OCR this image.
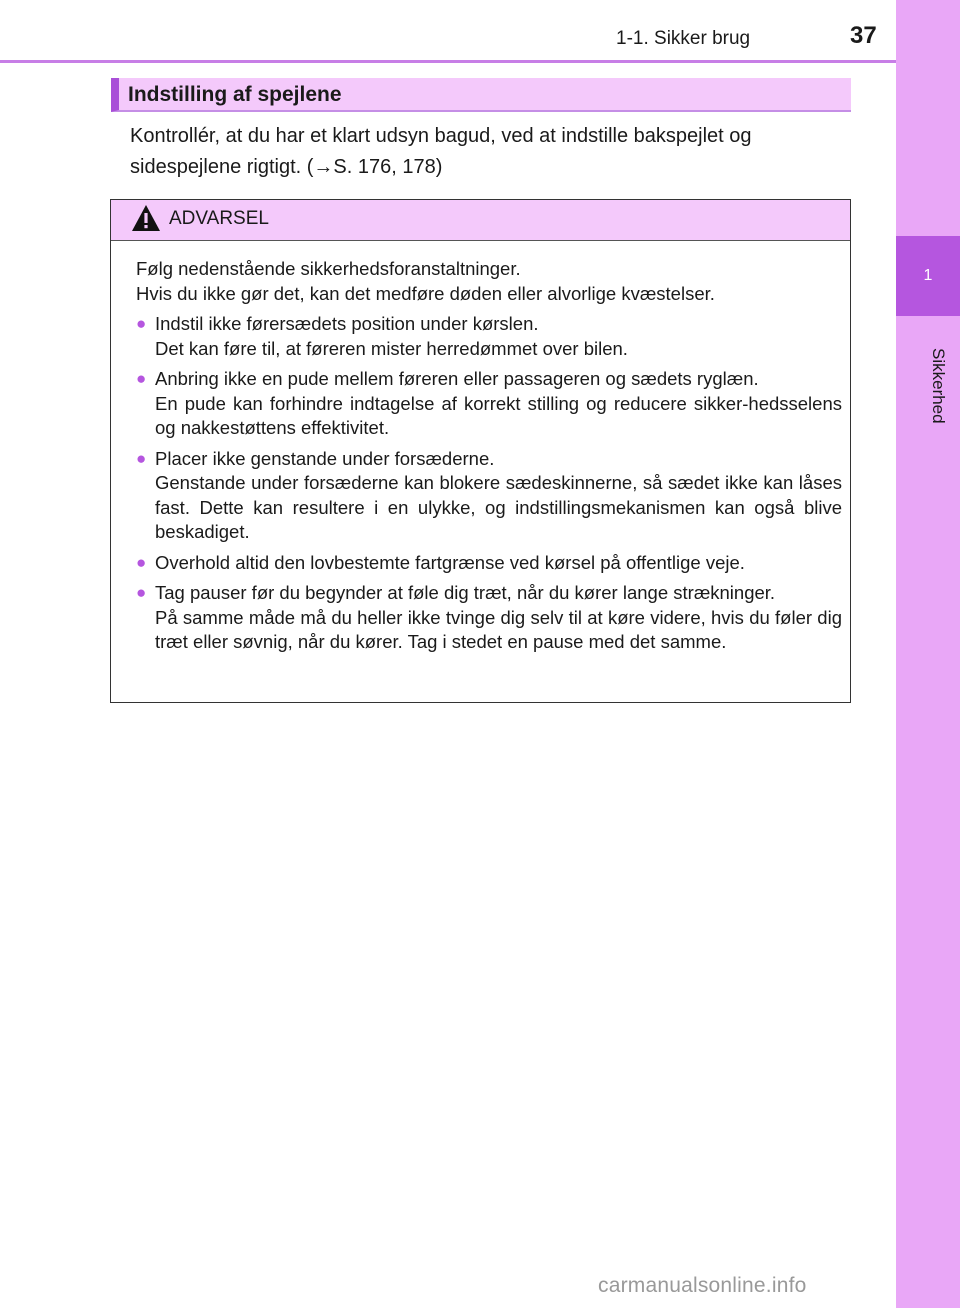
1-1. Sikker brug	37
1
Sikkerhed
Indstilling af spejlene
Kontrollér, at du har et klart udsyn bagud, ved at indstille bakspejlet og sidespejlene rigtigt. (→S. 176, 178)
ADVARSEL

Følg nedenstående sikkerhedsforanstaltninger.
Hvis du ikke gør det, kan det medføre døden eller alvorlige kvæstelser.

● Indstil ikke førersædets position under kørslen.
Det kan føre til, at føreren mister herredømmet over bilen.
● Anbring ikke en pude mellem føreren eller passageren og sædets ryglæn.
En pude kan forhindre indtagelse af korrekt stilling og reducere sikker-hedsselens og nakkestøttens effektivitet.
● Placer ikke genstande under forsæderne.
Genstande under forsæderne kan blokere sædeskinnerne, så sædet ikke kan låses fast. Dette kan resultere i en ulykke, og indstillingsmekanismen kan også blive beskadiget.
● Overhold altid den lovbestemte fartgrænse ved kørsel på offentlige veje.
● Tag pauser før du begynder at føle dig træt, når du kører lange strækninger.
På samme måde må du heller ikke tvinge dig selv til at køre videre, hvis du føler dig træt eller søvnig, når du kører. Tag i stedet en pause med det samme.
carmanualsonline.info
